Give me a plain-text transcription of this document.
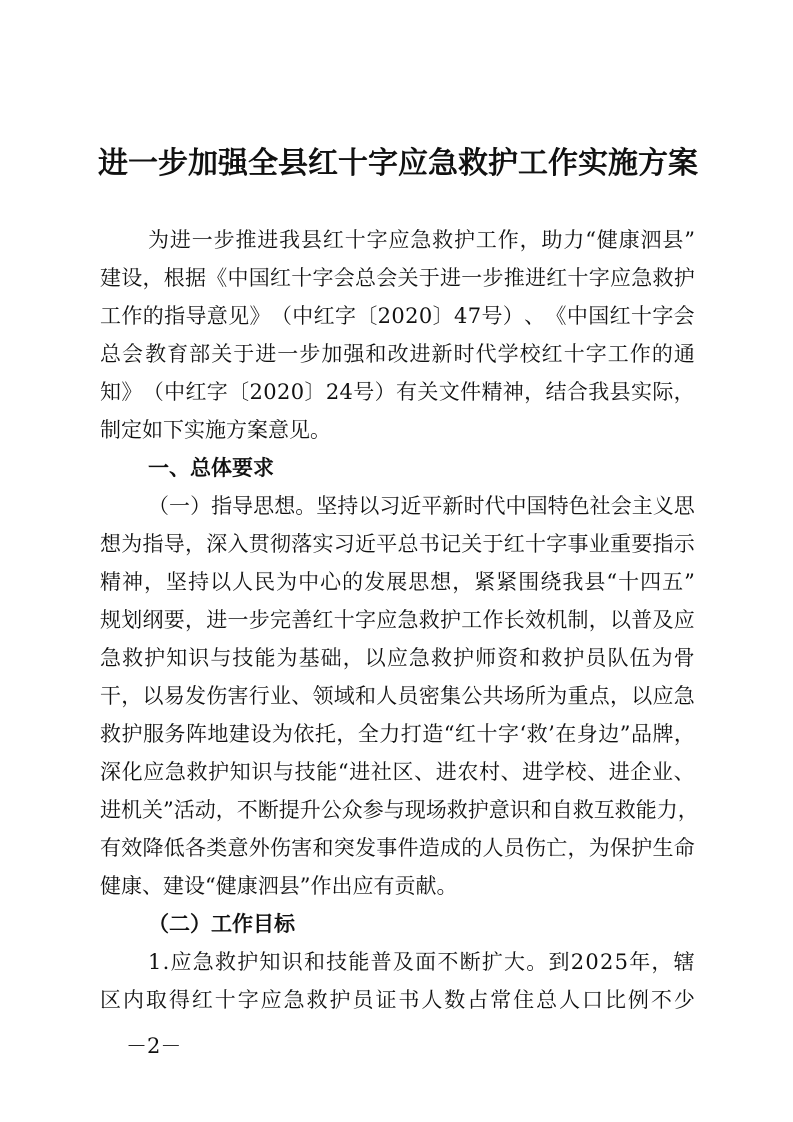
进一步加强全县红十字应急救护工作实施方案
为 进 一 步 推 进 我 县 红 十 字 应 急 救 护 工 作 ， 助 力 “ 健 康 泗 县 ”
建 设 ， 根 据 《 中 国 红 十 字 会 总 会 关 于 进 一 步 推 进 红 十 字 应 急 救 护
工 作 的 指 导 意 见 》 （ 中 红 字 〔 2 0 2 0 〕 4 7 号 ） 、 《 中 国 红 十 字 会
总 会 教 育 部 关 于 进 一 步 加 强 和 改 进 新 时 代 学 校 红 十 字 工 作 的 通
知 》 （ 中 红 字 〔 2 0 2 0 〕 2 4 号 ） 有 关 文 件 精 神 ， 结 合 我 县 实 际 ，
制定如下实施方案意见。
一、总体要求
（ 一 ） 指 导 思 想 。 坚 持 以 习 近 平 新 时 代 中 国 特 色 社 会 主 义 思
想 为 指 导 ， 深 入 贯 彻 落 实 习 近 平 总 书 记 关 于 红 十 字 事 业 重 要 指 示
精 神 ， 坚 持 以 人 民 为 中 心 的 发 展 思 想 ， 紧 紧 围 绕 我 县 “ 十 四 五 ”
规 划 纲 要 ， 进 一 步 完 善 红 十 字 应 急 救 护 工 作 长 效 机 制 ， 以 普 及 应
急 救 护 知 识 与 技 能 为 基 础 ， 以 应 急 救 护 师 资 和 救 护 员 队 伍 为 骨
干 ， 以 易 发 伤 害 行 业 、 领 域 和 人 员 密 集 公 共 场 所 为 重 点 ， 以 应 急
救 护 服 务 阵 地 建 设 为 依 托 ， 全 力 打 造 “ 红 十 字 ‘ 救 ’ 在 身 边 ” 品 牌 ，
深 化 应 急 救 护 知 识 与 技 能 “ 进 社 区 、 进 农 村 、 进 学 校 、 进 企 业 、
进 机 关 ” 活 动 ， 不 断 提 升 公 众 参 与 现 场 救 护 意 识 和 自 救 互 救 能 力 ，
有 效 降 低 各 类 意 外 伤 害 和 突 发 事 件 造 成 的 人 员 伤 亡 ， 为 保 护 生 命
健康、建设“健康泗县”作出应有贡献。
（二）工作目标
1 . 应 急 救 护 知 识 和 技 能 普 及 面 不 断 扩 大 。 到 2 0 2 5 年 ， 辖
区 内 取 得 红 十 字 应 急 救 护 员 证 书 人 数 占 常 住 总 人 口 比 例 不 少
－2－
